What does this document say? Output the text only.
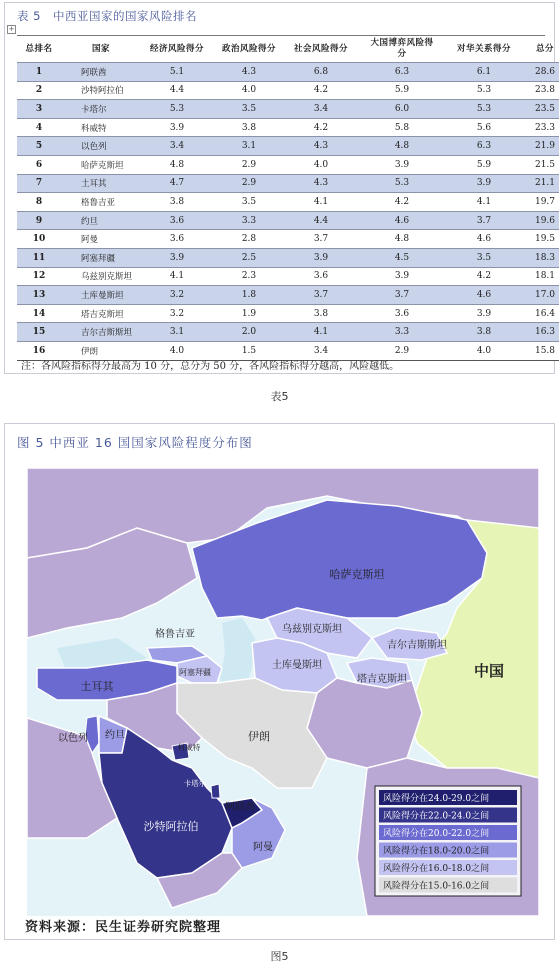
表 5　中西亚国家的国家风险排名
+
总排名	国家	经济风险得分	政治风险得分	社会风险得分	大国博弈风险得分	对华关系得分	总分
1	阿联酋	5.1	4.3	6.8	6.3	6.1	28.6
2	沙特阿拉伯	4.4	4.0	4.2	5.9	5.3	23.8
3	卡塔尔	5.3	3.5	3.4	6.0	5.3	23.5
4	科威特	3.9	3.8	4.2	5.8	5.6	23.3
5	以色列	3.4	3.1	4.3	4.8	6.3	21.9
6	哈萨克斯坦	4.8	2.9	4.0	3.9	5.9	21.5
7	土耳其	4.7	2.9	4.3	5.3	3.9	21.1
8	格鲁吉亚	3.8	3.5	4.1	4.2	4.1	19.7
9	约旦	3.6	3.3	4.4	4.6	3.7	19.6
10	阿曼	3.6	2.8	3.7	4.8	4.6	19.5
11	阿塞拜疆	3.9	2.5	3.9	4.5	3.5	18.3
12	乌兹别克斯坦	4.1	2.3	3.6	3.9	4.2	18.1
13	土库曼斯坦	3.2	1.8	3.7	3.7	4.6	17.0
14	塔吉克斯坦	3.2	1.9	3.8	3.6	3.9	16.4
15	吉尔吉斯斯坦	3.1	2.0	4.1	3.3	3.8	16.3
16	伊朗	4.0	1.5	3.4	2.9	4.0	15.8
注：各风险指标得分最高为 10 分，总分为 50 分，各风险指标得分越高，风险越低。
表5
图 5 中西亚 16 国国家风险程度分布图
哈萨克斯坦
乌兹别克斯坦
吉尔吉斯斯坦
塔吉克斯坦
土库曼斯坦
格鲁吉亚
阿塞拜疆
土耳其
以色列 约旦
科威特
卡塔尔
沙特阿拉伯
阿联酋
阿曼
伊朗
中国
风险得分在24.0-29.0之间
风险得分在22.0-24.0之间
风险得分在20.0-22.0之间
风险得分在18.0-20.0之间
风险得分在16.0-18.0之间
风险得分在15.0-16.0之间
资料来源：民生证券研究院整理
图5
